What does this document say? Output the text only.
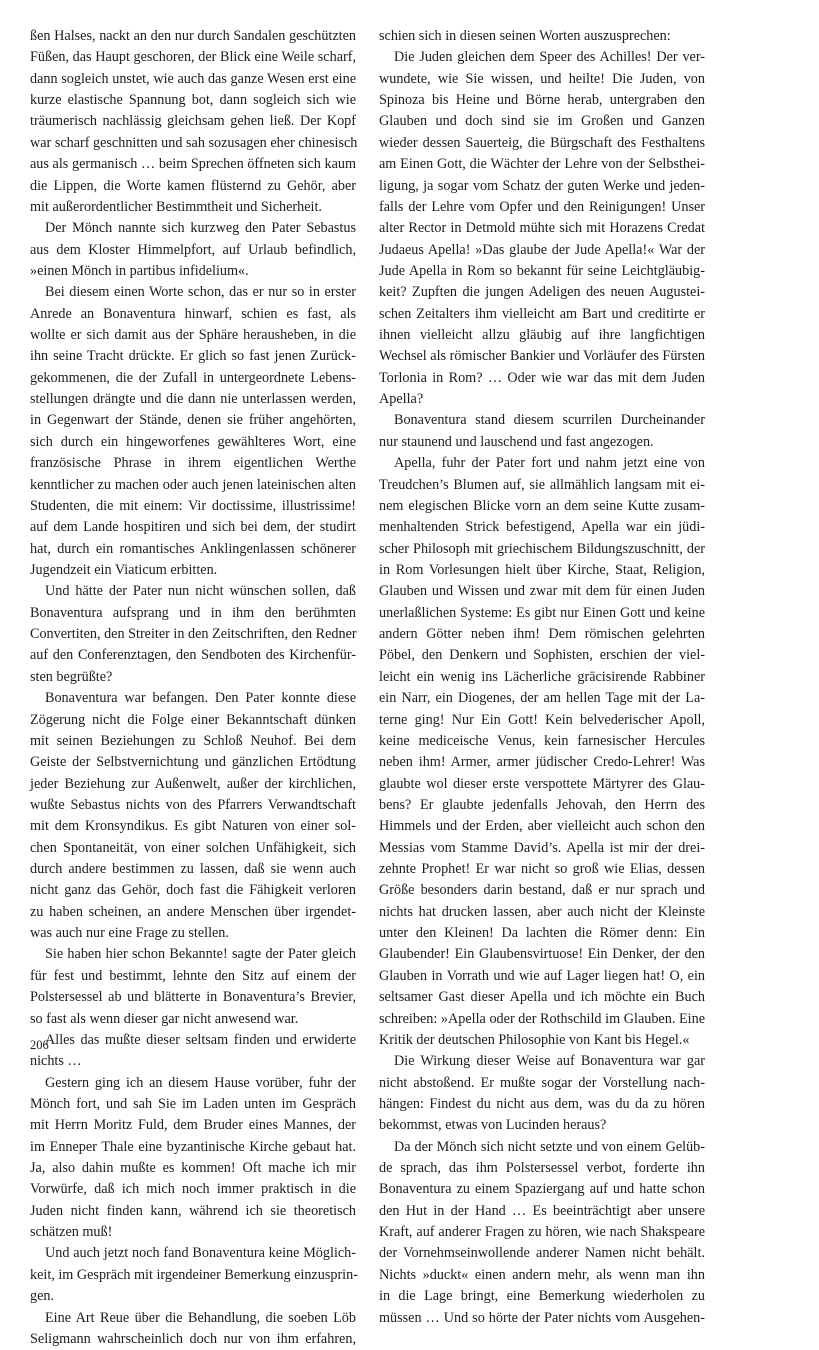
ßen Halses, nackt an den nur durch Sandalen geschützten
Füßen, das Haupt geschoren, der Blick eine Weile scharf,
dann sogleich unstet, wie auch das ganze Wesen erst eine
kurze elastische Spannung bot, dann sogleich sich wie
träumerisch nachlässig gleichsam gehen ließ. Der Kopf
war scharf geschnitten und sah sozusagen eher chinesisch
aus als germanisch … beim Sprechen öffneten sich kaum
die Lippen, die Worte kamen flüsternd zu Gehör, aber
mit außerordentlicher Bestimmtheit und Sicherheit.
Der Mönch nannte sich kurzweg den Pater Sebastus
aus dem Kloster Himmelpfort, auf Urlaub befindlich,
»einen Mönch in partibus infidelium«.
Bei diesem einen Worte schon, das er nur so in erster
Anrede an Bonaventura hinwarf, schien es fast, als
wollte er sich damit aus der Sphäre herausheben, in die
ihn seine Tracht drückte. Er glich so fast jenen Zurück-
gekommenen, die der Zufall in untergeordnete Lebens-
stellungen drängte und die dann nie unterlassen werden,
in Gegenwart der Stände, denen sie früher angehörten,
sich durch ein hingeworfenes gewählteres Wort, eine
französische Phrase in ihrem eigentlichen Werthe
kenntlicher zu machen oder auch jenen lateinischen alten
Studenten, die mit einem: Vir doctissime, illustrissime!
auf dem Lande hospitiren und sich bei dem, der studirt
hat, durch ein romantisches Anklingenlassen schönerer
Jugendzeit ein Viaticum erbitten.
Und hätte der Pater nun nicht wünschen sollen, daß
Bonaventura aufsprang und in ihm den berühmten
Convertiten, den Streiter in den Zeitschriften, den Redner
auf den Conferenztagen, den Sendboten des Kirchenfür-
sten begrüßte?
Bonaventura war befangen. Den Pater konnte diese
Zögerung nicht die Folge einer Bekanntschaft dünken
mit seinen Beziehungen zu Schloß Neuhof. Bei dem
Geiste der Selbstvernichtung und gänzlichen Ertödtung
jeder Beziehung zur Außenwelt, außer der kirchlichen,
wußte Sebastus nichts von des Pfarrers Verwandtschaft
mit dem Kronsyndikus. Es gibt Naturen von einer sol-
chen Spontaneität, von einer solchen Unfähigkeit, sich
durch andere bestimmen zu lassen, daß sie wenn auch
nicht ganz das Gehör, doch fast die Fähigkeit verloren
zu haben scheinen, an andere Menschen über irgendet-
was auch nur eine Frage zu stellen.
Sie haben hier schon Bekannte! sagte der Pater gleich
für fest und bestimmt, lehnte den Sitz auf einem der
Polstersessel ab und blätterte in Bonaventura’s Brevier,
so fast als wenn dieser gar nicht anwesend war.
Alles das mußte dieser seltsam finden und erwiderte
nichts …
Gestern ging ich an diesem Hause vorüber, fuhr der
Mönch fort, und sah Sie im Laden unten im Gespräch
mit Herrn Moritz Fuld, dem Bruder eines Mannes, der
im Enneper Thale eine byzantinische Kirche gebaut hat.
Ja, also dahin mußte es kommen! Oft mache ich mir
Vorwürfe, daß ich mich noch immer praktisch in die
Juden nicht finden kann, während ich sie theoretisch
schätzen muß!
Und auch jetzt noch fand Bonaventura keine Möglich-
keit, im Gespräch mit irgendeiner Bemerkung einzusprin-
gen.
Eine Art Reue über die Behandlung, die soeben Löb
Seligmann wahrscheinlich doch nur von ihm erfahren,
schien sich in diesen seinen Worten auszusprechen:
Die Juden gleichen dem Speer des Achilles! Der ver-
wundete, wie Sie wissen, und heilte! Die Juden, von
Spinoza bis Heine und Börne herab, untergraben den
Glauben und doch sind sie im Großen und Ganzen
wieder dessen Sauerteig, die Bürgschaft des Festhaltens
am Einen Gott, die Wächter der Lehre von der Selbsthei-
ligung, ja sogar vom Schatz der guten Werke und jeden-
falls der Lehre vom Opfer und den Reinigungen! Unser
alter Rector in Detmold mühte sich mit Horazens Credat
Judaeus Apella! »Das glaube der Jude Apella!« War der
Jude Apella in Rom so bekannt für seine Leichtgläubig-
keit? Zupften die jungen Adeligen des neuen Augustei-
schen Zeitalters ihm vielleicht am Bart und creditirte er
ihnen vielleicht allzu gläubig auf ihre langfichtigen
Wechsel als römischer Bankier und Vorläufer des Fürsten
Torlonia in Rom? … Oder wie war das mit dem Juden
Apella?
Bonaventura stand diesem scurrilen Durcheinander
nur staunend und lauschend und fast angezogen.
Apella, fuhr der Pater fort und nahm jetzt eine von
Treudchen’s Blumen auf, sie allmählich langsam mit ei-
nem elegischen Blicke vorn an dem seine Kutte zusam-
menhaltenden Strick befestigend, Apella war ein jüdi-
scher Philosoph mit griechischem Bildungszuschnitt, der
in Rom Vorlesungen hielt über Kirche, Staat, Religion,
Glauben und Wissen und zwar mit dem für einen Juden
unerlaßlichen Systeme: Es gibt nur Einen Gott und keine
andern Götter neben ihm! Dem römischen gelehrten
Pöbel, den Denkern und Sophisten, erschien der viel-
leicht ein wenig ins Lächerliche grācisirende Rabbiner
ein Narr, ein Diogenes, der am hellen Tage mit der La-
terne ging! Nur Ein Gott! Kein belvederischer Apoll,
keine mediceische Venus, kein farnesischer Hercules
neben ihm! Armer, armer jüdischer Credo-Lehrer! Was
glaubte wol dieser erste verspottete Märtyrer des Glau-
bens? Er glaubte jedenfalls Jehovah, den Herrn des
Himmels und der Erden, aber vielleicht auch schon den
Messias vom Stamme David’s. Apella ist mir der drei-
zehnte Prophet! Er war nicht so groß wie Elias, dessen
Größe besonders darin bestand, daß er nur sprach und
nichts hat drucken lassen, aber auch nicht der Kleinste
unter den Kleinen! Da lachten die Römer denn: Ein
Glaubender! Ein Glaubensvirtuose! Ein Denker, der den
Glauben in Vorrath und wie auf Lager liegen hat! O, ein
seltsamer Gast dieser Apella und ich möchte ein Buch
schreiben: »Apella oder der Rothschild im Glauben. Eine
Kritik der deutschen Philosophie von Kant bis Hegel.«
Die Wirkung dieser Weise auf Bonaventura war gar
nicht abstoßend. Er mußte sogar der Vorstellung nach-
hängen: Findest du nicht aus dem, was du da zu hören
bekommst, etwas von Lucinden heraus?
Da der Mönch sich nicht setzte und von einem Gelüb-
de sprach, das ihm Polstersessel verbot, forderte ihn
Bonaventura zu einem Spaziergang auf und hatte schon
den Hut in der Hand … Es beeinträchtigt aber unsere
Kraft, auf anderer Fragen zu hören, wie nach Shakspeare
der Vornehmseinwollende anderer Namen nicht behält.
Nichts »duckt« einen andern mehr, als wenn man ihn
in die Lage bringt, eine Bemerkung wiederholen zu
müssen … Und so hörte der Pater nichts vom Ausgehen-
206
